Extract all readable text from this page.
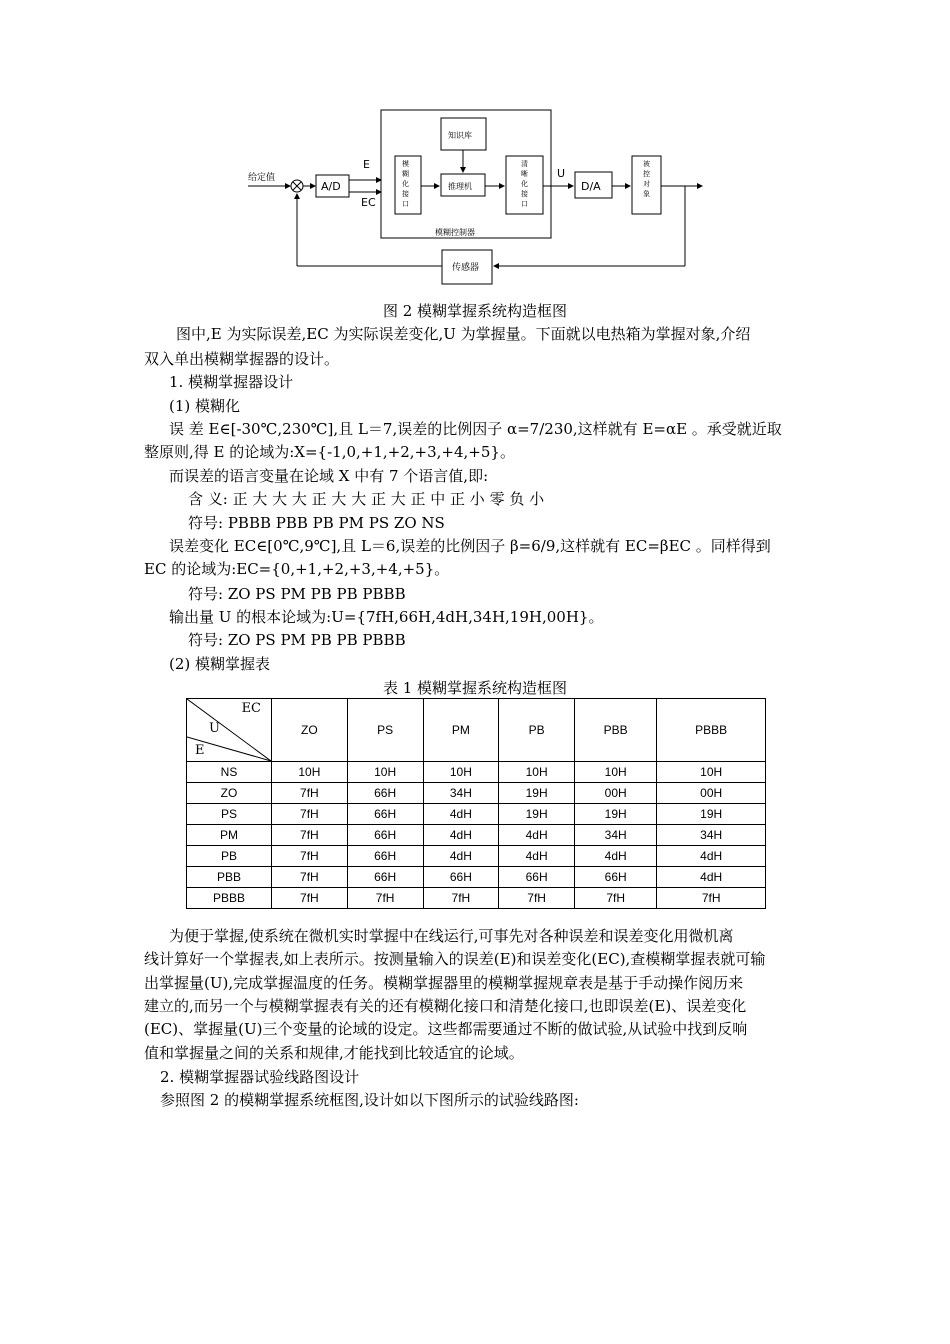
给定值
A/D
E
EC
模糊控制器
模
糊
化
接
口
知识库
推理机
清
晰
化
接
口
U
D/A
被
控
对
象
传感器
图 2 模糊掌握系统构造框图
图中,E 为实际误差,EC 为实际误差变化,U 为掌握量。下面就以电热箱为掌握对象,介绍
双入单出模糊掌握器的设计。
1. 模糊掌握器设计
(1) 模糊化
误 差 E∈[-30℃,230℃],且 L＝7,误差的比例因子 α=7/230,这样就有 E=αE 。承受就近取
整原则,得 E 的论域为:X={-1,0,+1,+2,+3,+4,+5}。
而误差的语言变量在论域 X 中有 7 个语言值,即:
含 义: 正 大 大 大 正 大 大 正 大 正 中 正 小 零 负 小
符号: PBBB PBB PB PM PS ZO NS
误差变化 EC∈[0℃,9℃],且 L＝6,误差的比例因子 β=6/9,这样就有 EC=βEC 。同样得到
EC 的论域为:EC={0,+1,+2,+3,+4,+5}。
符号: ZO PS PM PB PB PBBB
输出量 U 的根本论域为:U={7fH,66H,4dH,34H,19H,00H}。
符号: ZO PS PM PB PB PBBB
(2) 模糊掌握表
表 1 模糊掌握系统构造框图
EC
U
E	ZO	PS	PM	PB	PBB	PBBB
NS	10H	10H	10H	10H	10H	10H
ZO	7fH	66H	34H	19H	00H	00H
PS	7fH	66H	4dH	19H	19H	19H
PM	7fH	66H	4dH	4dH	34H	34H
PB	7fH	66H	4dH	4dH	4dH	4dH
PBB	7fH	66H	66H	66H	66H	4dH
PBBB	7fH	7fH	7fH	7fH	7fH	7fH
为便于掌握,使系统在微机实时掌握中在线运行,可事先对各种误差和误差变化用微机离
线计算好一个掌握表,如上表所示。按测量输入的误差(E)和误差变化(EC),查模糊掌握表就可输
出掌握量(U),完成掌握温度的任务。模糊掌握器里的模糊掌握规章表是基于手动操作阅历来
建立的,而另一个与模糊掌握表有关的还有模糊化接口和清楚化接口,也即误差(E)、误差变化
(EC)、掌握量(U)三个变量的论域的设定。这些都需要通过不断的做试验,从试验中找到反响
值和掌握量之间的关系和规律,才能找到比较适宜的论域。
2. 模糊掌握器试验线路图设计
参照图 2 的模糊掌握系统框图,设计如以下图所示的试验线路图:
